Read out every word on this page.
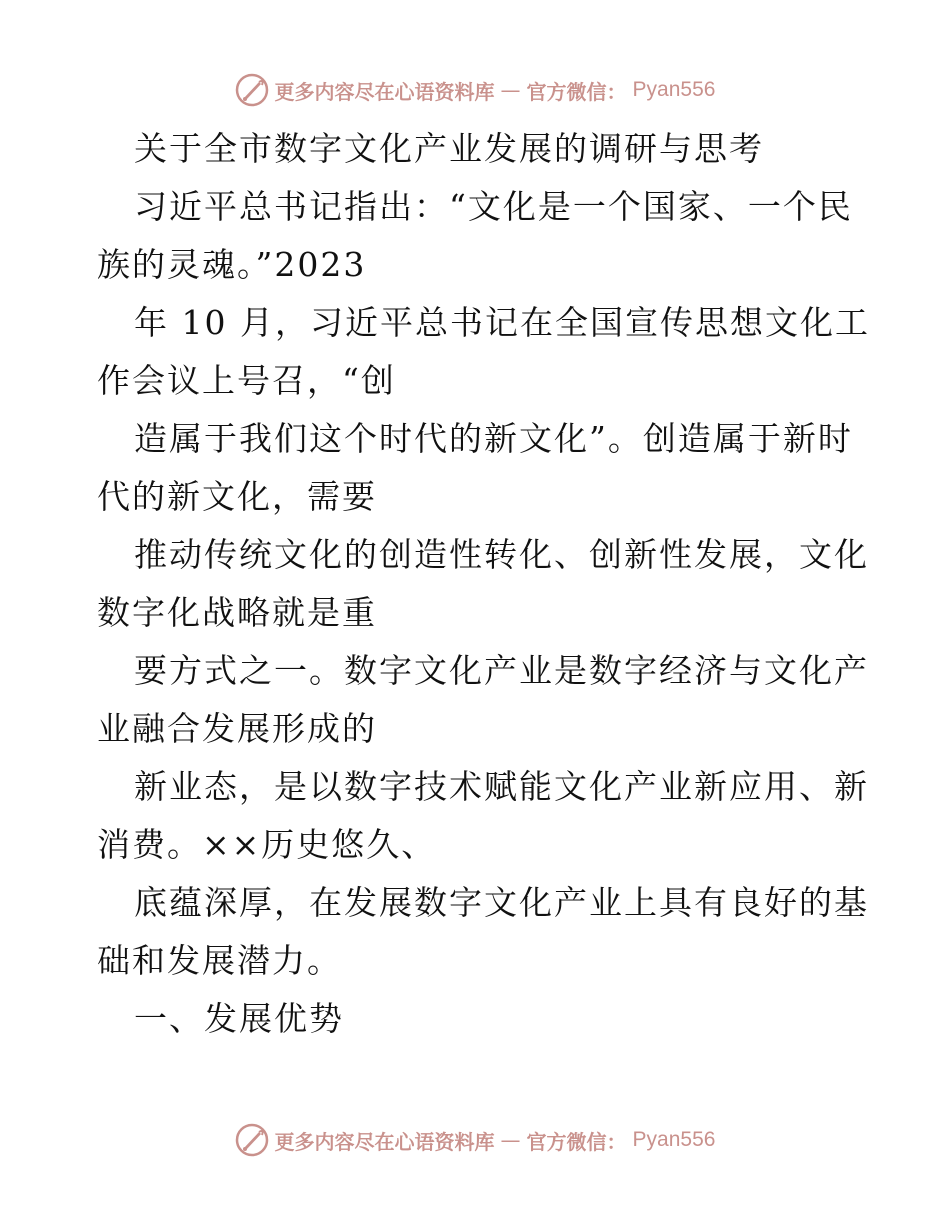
更多内容尽在心语资料库 — 官方微信： Pyan556
关于全市数字文化产业发展的调研与思考
习近平总书记指出：“文化是一个国家、一个民
族的灵魂。”2023
年 10 月，习近平总书记在全国宣传思想文化工
作会议上号召，“创
造属于我们这个时代的新文化”。创造属于新时
代的新文化，需要
推动传统文化的创造性转化、创新性发展，文化
数字化战略就是重
要方式之一。数字文化产业是数字经济与文化产
业融合发展形成的
新业态，是以数字技术赋能文化产业新应用、新
消费。××历史悠久、
底蕴深厚，在发展数字文化产业上具有良好的基
础和发展潜力。
一、发展优势
更多内容尽在心语资料库 — 官方微信： Pyan556
